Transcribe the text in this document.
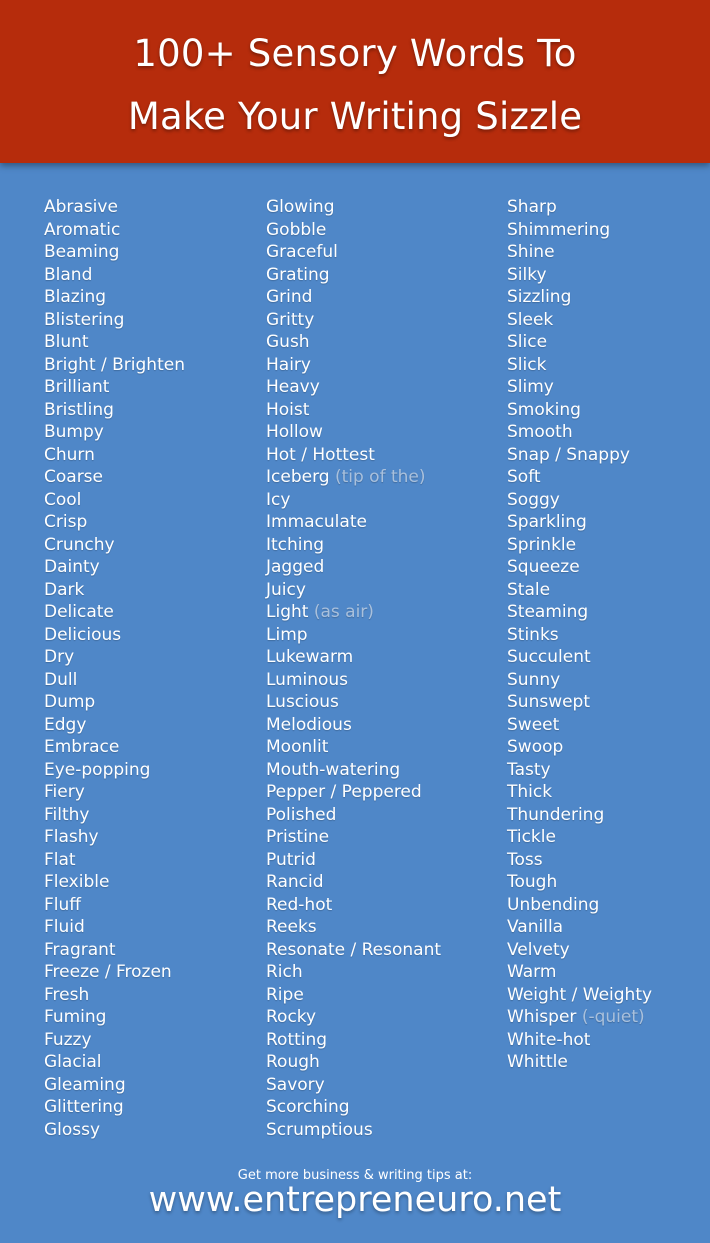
100+ Sensory Words To
Make Your Writing Sizzle
Abrasive
Aromatic
Beaming
Bland
Blazing
Blistering
Blunt
Bright / Brighten
Brilliant
Bristling
Bumpy
Churn
Coarse
Cool
Crisp
Crunchy
Dainty
Dark
Delicate
Delicious
Dry
Dull
Dump
Edgy
Embrace
Eye-popping
Fiery
Filthy
Flashy
Flat
Flexible
Fluff
Fluid
Fragrant
Freeze / Frozen
Fresh
Fuming
Fuzzy
Glacial
Gleaming
Glittering
Glossy
Glowing
Gobble
Graceful
Grating
Grind
Gritty
Gush
Hairy
Heavy
Hoist
Hollow
Hot / Hottest
Iceberg (tip of the)
Icy
Immaculate
Itching
Jagged
Juicy
Light (as air)
Limp
Lukewarm
Luminous
Luscious
Melodious
Moonlit
Mouth-watering
Pepper / Peppered
Polished
Pristine
Putrid
Rancid
Red-hot
Reeks
Resonate / Resonant
Rich
Ripe
Rocky
Rotting
Rough
Savory
Scorching
Scrumptious
Sharp
Shimmering
Shine
Silky
Sizzling
Sleek
Slice
Slick
Slimy
Smoking
Smooth
Snap / Snappy
Soft
Soggy
Sparkling
Sprinkle
Squeeze
Stale
Steaming
Stinks
Succulent
Sunny
Sunswept
Sweet
Swoop
Tasty
Thick
Thundering
Tickle
Toss
Tough
Unbending
Vanilla
Velvety
Warm
Weight / Weighty
Whisper (-quiet)
White-hot
Whittle
Get more business & writing tips at:
www.entrepreneuro.net
